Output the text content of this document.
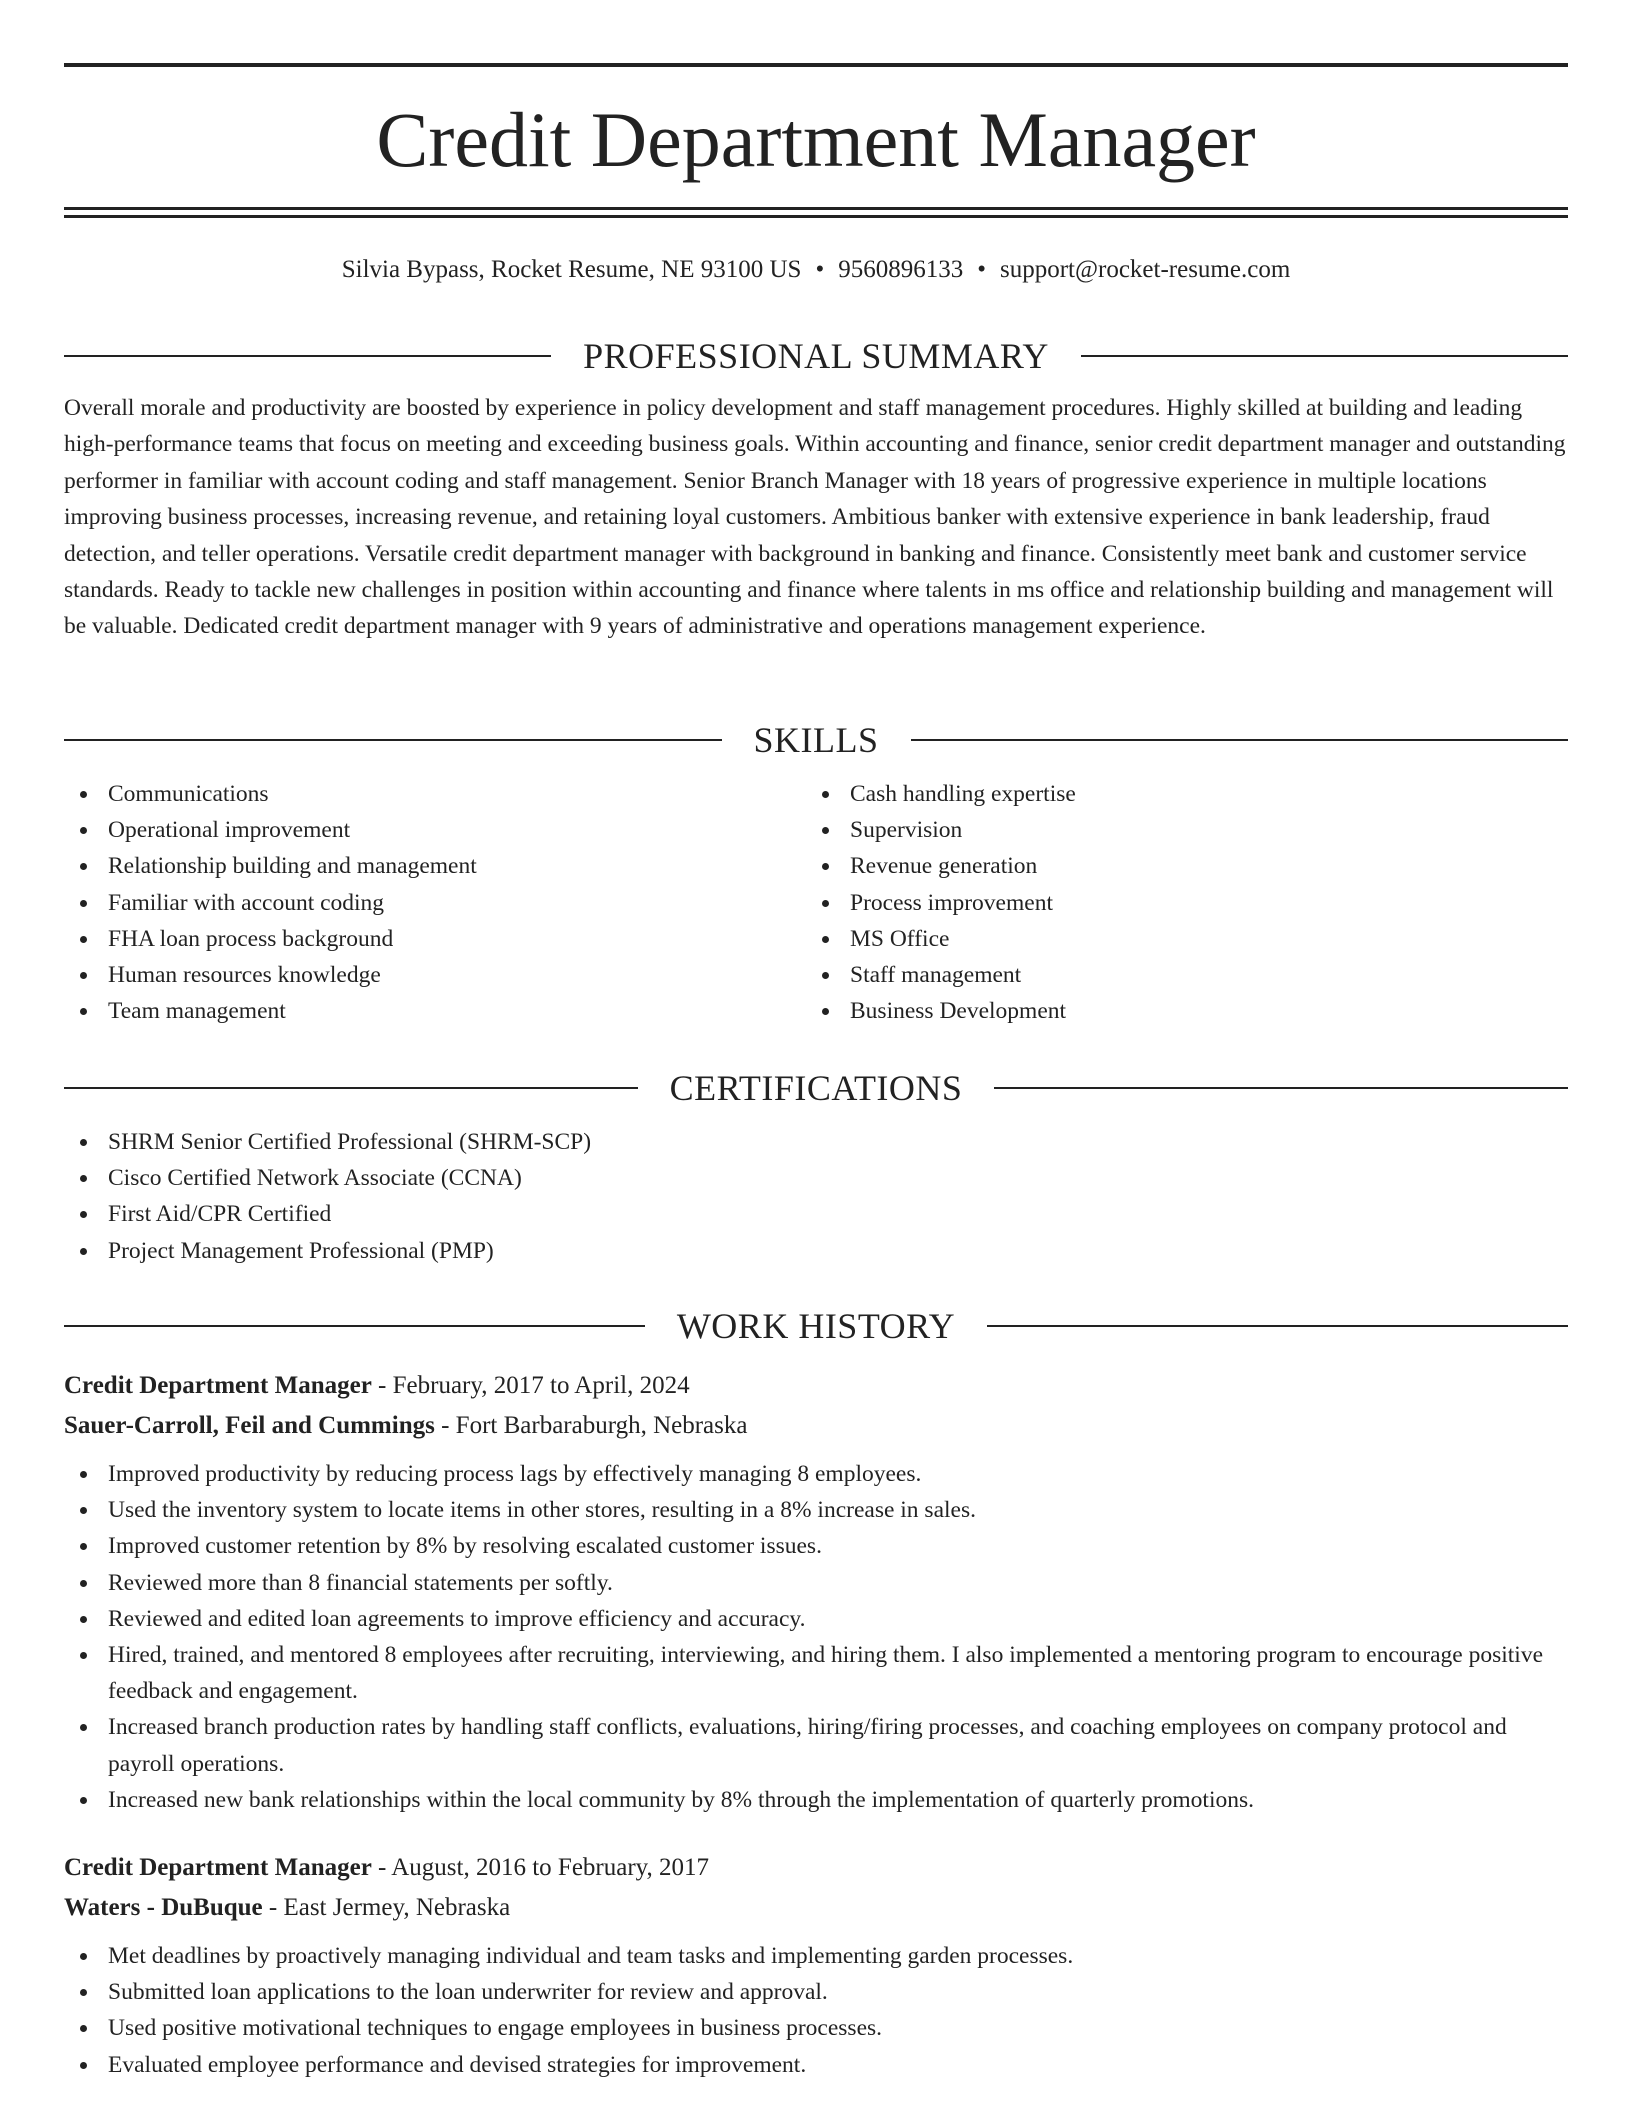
Credit Department Manager
Silvia Bypass, Rocket Resume, NE 93100 US • 9560896133 • support@rocket-resume.com
PROFESSIONAL SUMMARY
Overall morale and productivity are boosted by experience in policy development and staff management procedures. Highly skilled at building and leading high-performance teams that focus on meeting and exceeding business goals. Within accounting and finance, senior credit department manager and outstanding performer in familiar with account coding and staff management. Senior Branch Manager with 18 years of progressive experience in multiple locations improving business processes, increasing revenue, and retaining loyal customers. Ambitious banker with extensive experience in bank leadership, fraud detection, and teller operations. Versatile credit department manager with background in banking and finance. Consistently meet bank and customer service standards. Ready to tackle new challenges in position within accounting and finance where talents in ms office and relationship building and management will be valuable. Dedicated credit department manager with 9 years of administrative and operations management experience.
SKILLS
Communications
Operational improvement
Relationship building and management
Familiar with account coding
FHA loan process background
Human resources knowledge
Team management
Cash handling expertise
Supervision
Revenue generation
Process improvement
MS Office
Staff management
Business Development
CERTIFICATIONS
SHRM Senior Certified Professional (SHRM-SCP)
Cisco Certified Network Associate (CCNA)
First Aid/CPR Certified
Project Management Professional (PMP)
WORK HISTORY
Credit Department Manager - February, 2017 to April, 2024
Sauer-Carroll, Feil and Cummings - Fort Barbaraburgh, Nebraska
Improved productivity by reducing process lags by effectively managing 8 employees.
Used the inventory system to locate items in other stores, resulting in a 8% increase in sales.
Improved customer retention by 8% by resolving escalated customer issues.
Reviewed more than 8 financial statements per softly.
Reviewed and edited loan agreements to improve efficiency and accuracy.
Hired, trained, and mentored 8 employees after recruiting, interviewing, and hiring them. I also implemented a mentoring program to encourage positive feedback and engagement.
Increased branch production rates by handling staff conflicts, evaluations, hiring/firing processes, and coaching employees on company protocol and payroll operations.
Increased new bank relationships within the local community by 8% through the implementation of quarterly promotions.
Credit Department Manager - August, 2016 to February, 2017
Waters - DuBuque - East Jermey, Nebraska
Met deadlines by proactively managing individual and team tasks and implementing garden processes.
Submitted loan applications to the loan underwriter for review and approval.
Used positive motivational techniques to engage employees in business processes.
Evaluated employee performance and devised strategies for improvement.
